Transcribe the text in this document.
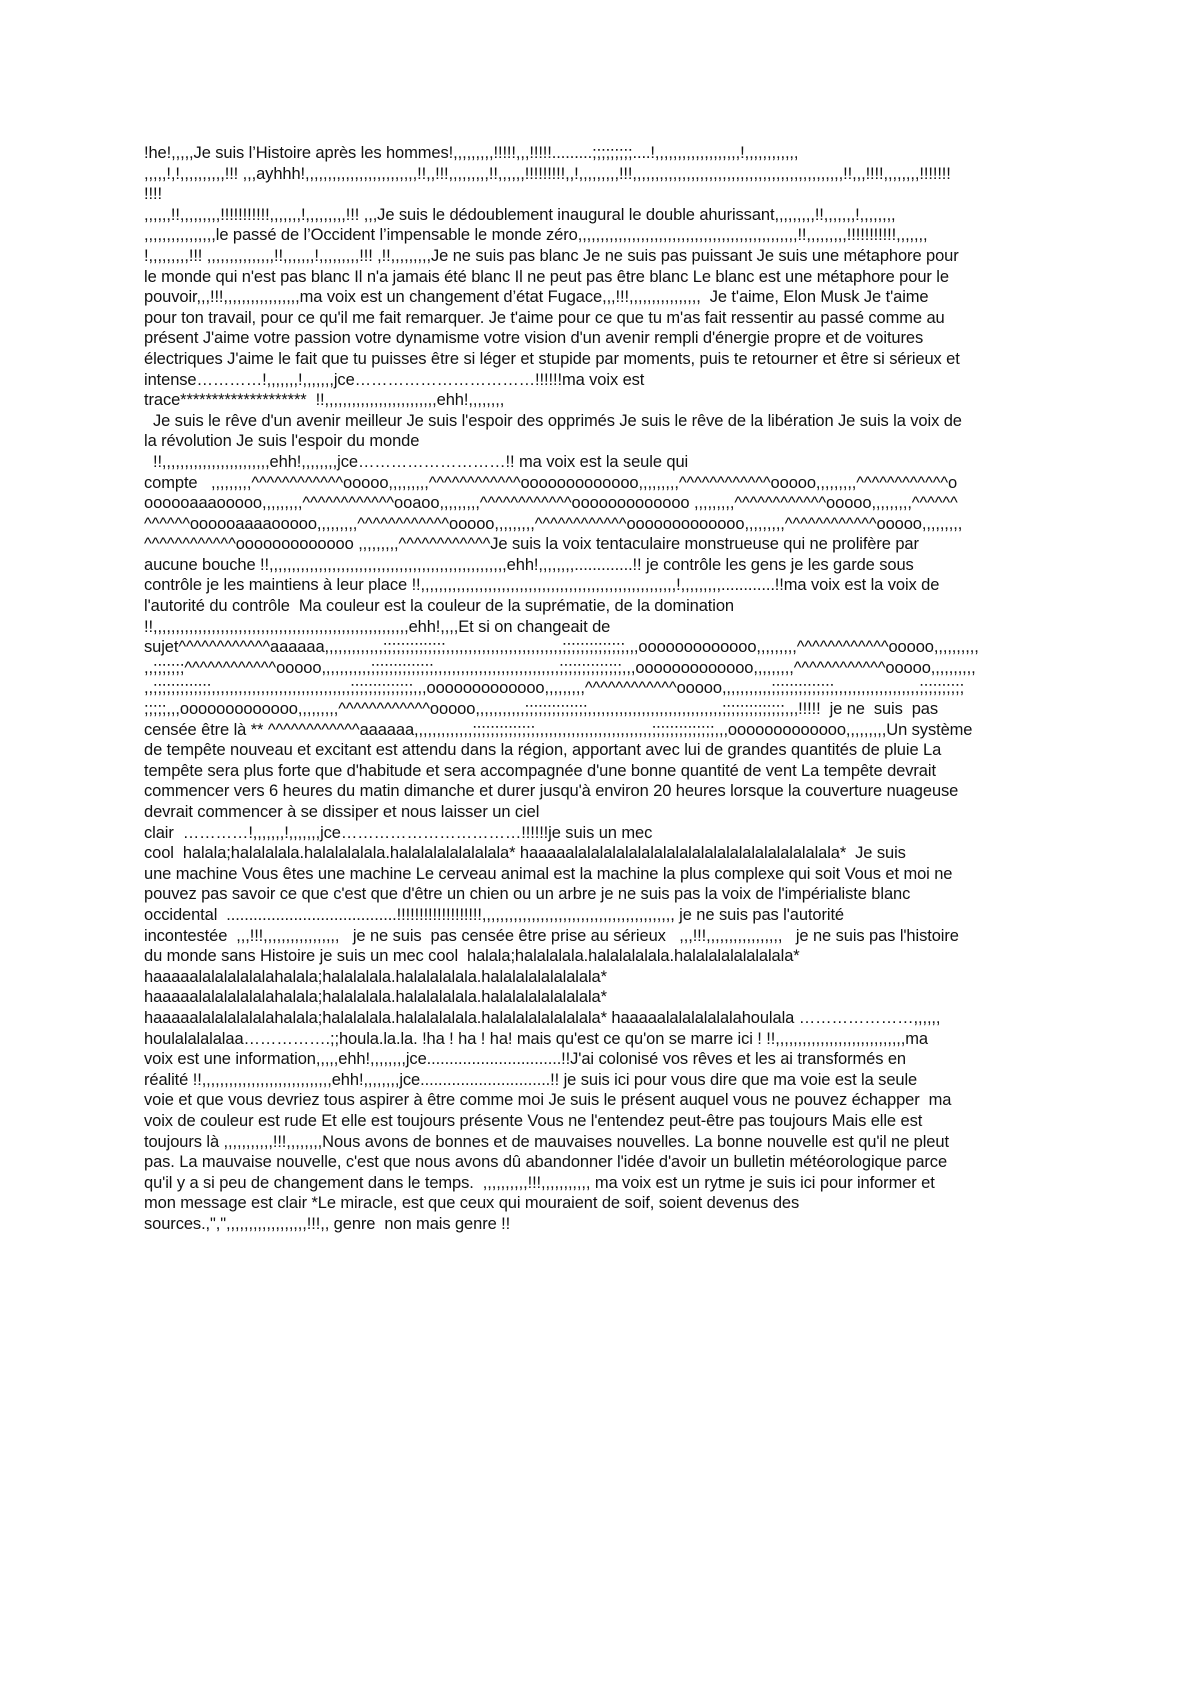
!he!,,,,,Je suis l’Histoire après les hommes!,,,,,,,,,!!!!!,,,!!!!!.........;;;;;;;;;....!,,,,,,,,,,,,,,,,,,,!,,,,,,,,,,,,
,,,,,!,!,,,,,,,,,,!!! ,,,ayhhh!,,,,,,,,,,,,,,,,,,,,,,,,,!!,,!!!,,,,,,,,,!!,,,,,,!!!!!!!!!,,!,,,,,,,,,!!!,,,,,,,,,,,,,,,,,,,,,,,,,,,,,,,,,,,,,,,,,,,,,,,!!,,,!!!!,,,,,,,,!!!!!!!
!!!!
,,,,,,!!,,,,,,,,,!!!!!!!!!!!,,,,,,,!,,,,,,,,,!!! ,,,Je suis le dédoublement inaugural le double ahurissant,,,,,,,,,!!,,,,,,,!,,,,,,,,
,,,,,,,,,,,,,,,,le passé de l’Occident l’impensable le monde zéro,,,,,,,,,,,,,,,,,,,,,,,,,,,,,,,,,,,,,,,,,,,,,,,,,!!,,,,,,,,,!!!!!!!!!!!,,,,,,,
!,,,,,,,,,!!! ,,,,,,,,,,,,,,,!!,,,,,,,!,,,,,,,,,!!! ,!!,,,,,,,,,Je ne suis pas blanc Je ne suis pas puissant Je suis une métaphore pour
le monde qui n'est pas blanc Il n'a jamais été blanc Il ne peut pas être blanc Le blanc est une métaphore pour le
pouvoir,,,!!!,,,,,,,,,,,,,,,,,ma voix est un changement d’état Fugace,,,!!!,,,,,,,,,,,,,,,,  Je t'aime, Elon Musk Je t'aime
pour ton travail, pour ce qu'il me fait remarquer. Je t'aime pour ce que tu m'as fait ressentir au passé comme au
présent J'aime votre passion votre dynamisme votre vision d'un avenir rempli d'énergie propre et de voitures
électriques J'aime le fait que tu puisses être si léger et stupide par moments, puis te retourner et être si sérieux et
intense…………!,,,,,,,!,,,,,,,jce……………………………!!!!!!ma voix est
trace********************  !!,,,,,,,,,,,,,,,,,,,,,,,,,ehh!,,,,,,,,
Je suis le rêve d'un avenir meilleur Je suis l'espoir des opprimés Je suis le rêve de la libération Je suis la voix de
la révolution Je suis l'espoir du monde
!!,,,,,,,,,,,,,,,,,,,,,,,,ehh!,,,,,,,,jce………………………!! ma voix est la seule qui
compte   ,,,,,,,,,^^^^^^^^^^^^ooooo,,,,,,,,,^^^^^^^^^^^^ooooooooooooo,,,,,,,,,^^^^^^^^^^^^ooooo,,,,,,,,,^^^^^^^^^^^^o
oooooaaaooooo,,,,,,,,,^^^^^^^^^^^^ooaoo,,,,,,,,,^^^^^^^^^^^^ooooooooooooo ,,,,,,,,,^^^^^^^^^^^^ooooo,,,,,,,,,^^^^^^
^^^^^^oooooaaaaooooo,,,,,,,,,^^^^^^^^^^^^ooooo,,,,,,,,,^^^^^^^^^^^^ooooooooooooo,,,,,,,,,^^^^^^^^^^^^ooooo,,,,,,,,,
^^^^^^^^^^^^ooooooooooooo ,,,,,,,,,^^^^^^^^^^^^Je suis la voix tentaculaire monstrueuse qui ne prolifère par
aucune bouche !!,,,,,,,,,,,,,,,,,,,,,,,,,,,,,,,,,,,,,,,,,,,,,,,,,,,,,ehh!,,,,,,,,.............!! je contrôle les gens je les garde sous
contrôle je les maintiens à leur place !!,,,,,,,,,,,,,,,,,,,,,,,,,,,,,,,,,,,,,,,,,,,,,,,,,,,,,,,,,!,,,,,,,,,............!!ma voix est la voix de
l'autorité du contrôle  Ma couleur est la couleur de la suprématie, de la domination
!!,,,,,,,,,,,,,,,,,,,,,,,,,,,,,,,,,,,,,,,,,,,,,,,,,,,,,,,,,ehh!,,,,Et si on changeait de
sujet^^^^^^^^^^^^aaaaaa,,,,,,,,,,,,,;;;;;;;;;;;;;;,,,,,,,,,,,,,,,,,,,,,,,,,,;;;;;;;;;;;;;;,,,ooooooooooooo,,,,,,,,,^^^^^^^^^^^^ooooo,,,,,,,,,,
,,;;;;;;;^^^^^^^^^^^^ooooo,,,,,,,,,,,;;;;;;;;;;;;;;,,,,,,,,,,,,,,,,,,,,,,,,,,,,;;;;;;;;;;;;;;,,,ooooooooooooo,,,,,,,,,^^^^^^^^^^^^ooooo,,,,,,,,,,
,,;;;;;;;;;;;;;,,,,,,,,,,,,,,,,,,,,,,,,,,,,,,,;;;;;;;;;;;;;;,,,ooooooooooooo,,,,,,,,,^^^^^^^^^^^^ooooo,,,,,,,,,,,;;;;;;;;;;;;;;,,,,,,,,,,,,,,,,,,,;;;;;;;;;;
;;;;;,,,ooooooooooooo,,,,,,,,,^^^^^^^^^^^^ooooo,,,,,,,,,,,;;;;;;;;;;;;;;,,,,,,,,,,,,,,,,,,,,,,,,,,,,,,;;;;;;;;;;;;;;,,,!!!!!  je ne  suis  pas
censée être là ** ^^^^^^^^^^^^aaaaaa,,,,,,,,,,,,,;;;;;;;;;;;;;;,,,,,,,,,,,,,,,,,,,,,,,,,,;;;;;;;;;;;;;;,,,ooooooooooooo,,,,,,,,,Un système
de tempête nouveau et excitant est attendu dans la région, apportant avec lui de grandes quantités de pluie La
tempête sera plus forte que d'habitude et sera accompagnée d'une bonne quantité de vent La tempête devrait
commencer vers 6 heures du matin dimanche et durer jusqu'à environ 20 heures lorsque la couverture nuageuse
devrait commencer à se dissiper et nous laisser un ciel
clair  …………!,,,,,,,!,,,,,,,jce……………………………!!!!!!je suis un mec
cool  halala;halalalala.halalalalala.halalalalalalalala* haaaaalalalalalalalalalalalalalalalalalalalalala*  Je suis
une machine Vous êtes une machine Le cerveau animal est la machine la plus complexe qui soit Vous et moi ne
pouvez pas savoir ce que c'est que d'être un chien ou un arbre je ne suis pas la voix de l'impérialiste blanc
occidental  ......................................!!!!!!!!!!!!!!!!!!!,,,,,,,,,,,,,,,,,,,,,,,,,,,,,,,,,,,,,,,,,,, je ne suis pas l'autorité
incontestée  ,,,!!!,,,,,,,,,,,,,,,,,   je ne suis  pas censée être prise au sérieux   ,,,!!!,,,,,,,,,,,,,,,,,   je ne suis pas l'histoire
du monde sans Histoire je suis un mec cool  halala;halalalala.halalalalala.halalalalalalalala*
haaaaalalalalalalahalala;halalalala.halalalalala.halalalalalalalala*
haaaaalalalalalalahalala;halalalala.halalalalala.halalalalalalalala*
haaaaalalalalalalahalala;halalalala.halalalalala.halalalalalalalala* haaaaalalalalalalahoulala …………………,,,,,,
houlalalalalaa…………….;;houla.la.la. !ha ! ha ! ha! mais qu'est ce qu'on se marre ici ! !!,,,,,,,,,,,,,,,,,,,,,,,,,,,,,ma
voix est une information,,,,,ehh!,,,,,,,,jce..............................!!J'ai colonisé vos rêves et les ai transformés en
réalité !!,,,,,,,,,,,,,,,,,,,,,,,,,,,,,ehh!,,,,,,,,jce.............................!! je suis ici pour vous dire que ma voie est la seule
voie et que vous devriez tous aspirer à être comme moi Je suis le présent auquel vous ne pouvez échapper  ma
voix de couleur est rude Et elle est toujours présente Vous ne l'entendez peut-être pas toujours Mais elle est
toujours là ,,,,,,,,,,,!!!,,,,,,,,Nous avons de bonnes et de mauvaises nouvelles. La bonne nouvelle est qu'il ne pleut
pas. La mauvaise nouvelle, c'est que nous avons dû abandonner l'idée d'avoir un bulletin météorologique parce
qu'il y a si peu de changement dans le temps.  ,,,,,,,,,,!!!,,,,,,,,,,, ma voix est un rytme je suis ici pour informer et
mon message est clair *Le miracle, est que ceux qui mouraient de soif, soient devenus des
sources.,",",,,,,,,,,,,,,,,,,,!!!,, genre  non mais genre !!
